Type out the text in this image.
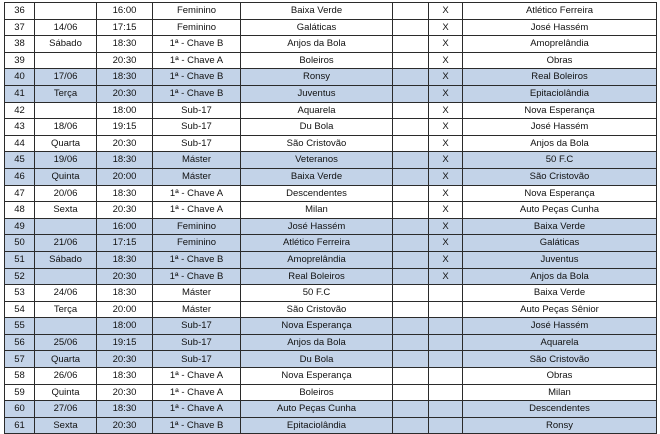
36		16:00	Feminino	Baixa Verde		X	Atlético Ferreira
37	14/06	17:15	Feminino	Galáticas		X	José Hassém
38	Sábado	18:30	1ª - Chave B	Anjos da Bola		X	Amoprelândia
39		20:30	1ª - Chave A	Boleiros		X	Obras
40	17/06	18:30	1ª - Chave B	Ronsy		X	Real Boleiros
41	Terça	20:30	1ª - Chave B	Juventus		X	Epitaciolândia
42		18:00	Sub-17	Aquarela		X	Nova Esperança
43	18/06	19:15	Sub-17	Du Bola		X	José Hassém
44	Quarta	20:30	Sub-17	São Cristovão		X	Anjos da Bola
45	19/06	18:30	Máster	Veteranos		X	50 F.C
46	Quinta	20:00	Máster	Baixa Verde		X	São Cristovão
47	20/06	18:30	1ª - Chave A	Descendentes		X	Nova Esperança
48	Sexta	20:30	1ª - Chave A	Milan		X	Auto Peças Cunha
49		16:00	Feminino	José Hassém		X	Baixa Verde
50	21/06	17:15	Feminino	Atlético Ferreira		X	Galáticas
51	Sábado	18:30	1ª - Chave B	Amoprelândia		X	Juventus
52		20:30	1ª - Chave B	Real Boleiros		X	Anjos da Bola
53	24/06	18:30	Máster	50 F.C			Baixa Verde
54	Terça	20:00	Máster	São Cristovão			Auto Peças Sênior
55		18:00	Sub-17	Nova Esperança			José Hassém
56	25/06	19:15	Sub-17	Anjos da Bola			Aquarela
57	Quarta	20:30	Sub-17	Du Bola			São Cristovão
58	26/06	18:30	1ª - Chave A	Nova Esperança			Obras
59	Quinta	20:30	1ª - Chave A	Boleiros			Milan
60	27/06	18:30	1ª - Chave A	Auto Peças Cunha			Descendentes
61	Sexta	20:30	1ª - Chave B	Epitaciolândia			Ronsy
